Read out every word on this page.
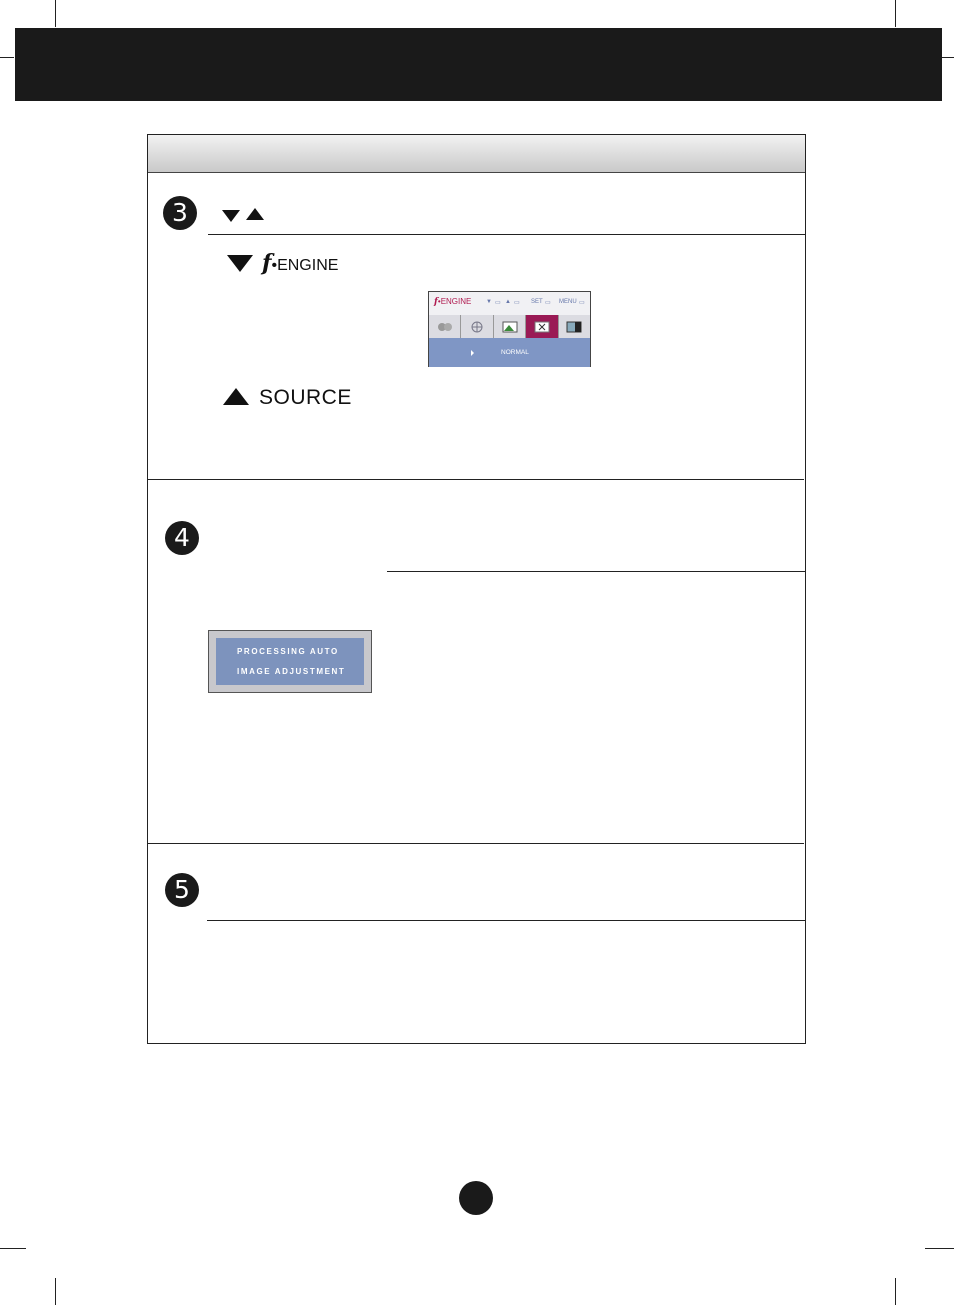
3
f•ENGINE
f•ENGINE ▼ ▭ ▲ ▭ SET ▭ MENU ▭
NORMAL
SOURCE
4
PROCESSING AUTO
IMAGE ADJUSTMENT
5
